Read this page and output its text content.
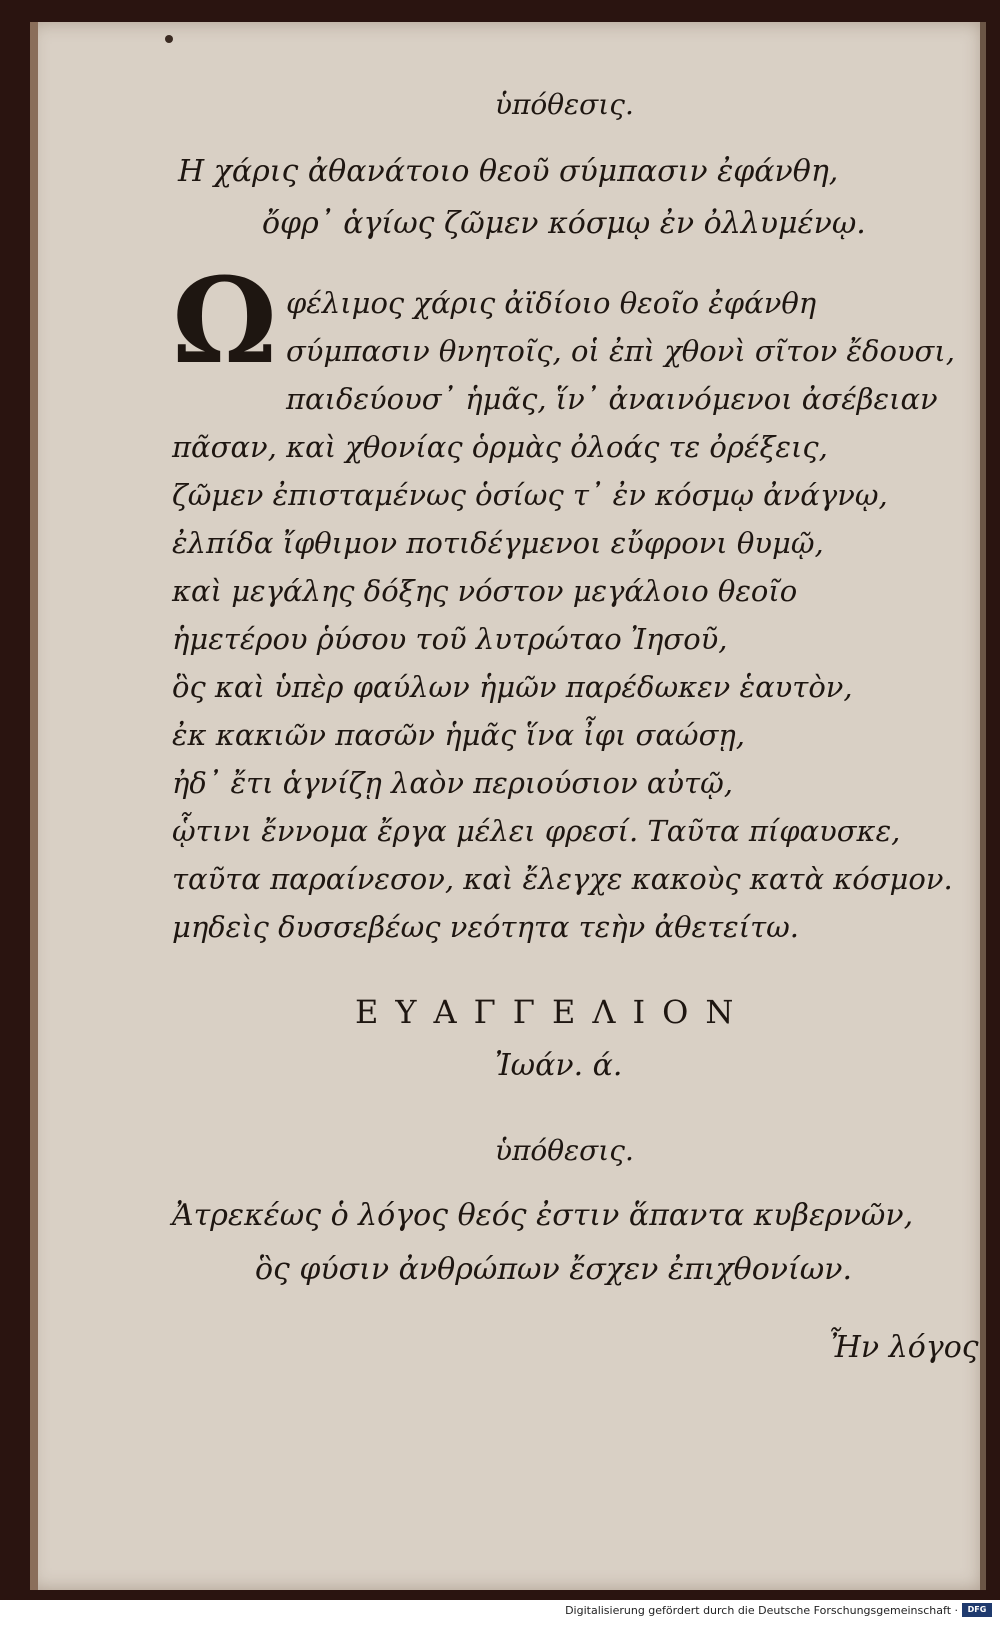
ὑπόθεσις.
Η χάρις ἀθανάτοιο θεοῦ σύμπασιν ἐφάνθη,
ὄφρ᾽ ἁγίως ζῶμεν κόσμῳ ἐν ὀλλυμένῳ.
Ω φέλιμος χάρις ἀϊδίοιο θεοῖο ἐφάνθη
σύμπασιν θνητοῖς, οἱ ἐπὶ χθονὶ σῖτον ἔδουσι,
παιδεύουσ᾽ ἡμᾶς, ἵν᾽ ἀναινόμενοι ἀσέβειαν
πᾶσαν, καὶ χθονίας ὁρμὰς ὀλοάς τε ὀρέξεις,
ζῶμεν ἐπισταμένως ὁσίως τ᾽ ἐν κόσμῳ ἀνάγνῳ,
ἐλπίδα ἴφθιμον ποτιδέγμενοι εὔφρονι θυμῷ,
καὶ μεγάλης δόξης νόστον μεγάλοιο θεοῖο
ἡμετέρου ῥύσου τοῦ λυτρώταο Ἰησοῦ,
ὃς καὶ ὑπὲρ φαύλων ἡμῶν παρέδωκεν ἑαυτὸν,
ἐκ κακιῶν πασῶν ἡμᾶς ἵνα ἶφι σαώσῃ,
ἠδ᾽ ἔτι ἁγνίζῃ λαὸν περιούσιον αὐτῷ,
ᾧτινι ἔννομα ἔργα μέλει φρεσί. Ταῦτα πίφαυσκε,
ταῦτα παραίνεσον, καὶ ἔλεγχε κακοὺς κατὰ κόσμον.
μηδεὶς δυσσεβέως νεότητα τεὴν ἀθετείτω.
ΕΥΑΓΓΕΛΙΟΝ
Ἰωάν. ά.
ὑπόθεσις.
Ἀτρεκέως ὁ λόγος θεός ἐστιν ἅπαντα κυβερνῶν,
ὃς φύσιν ἀνθρώπων ἔσχεν ἐπιχθονίων.
Ἦν λόγος
Digitalisierung gefördert durch die Deutsche Forschungsgemeinschaft ·	DFG
